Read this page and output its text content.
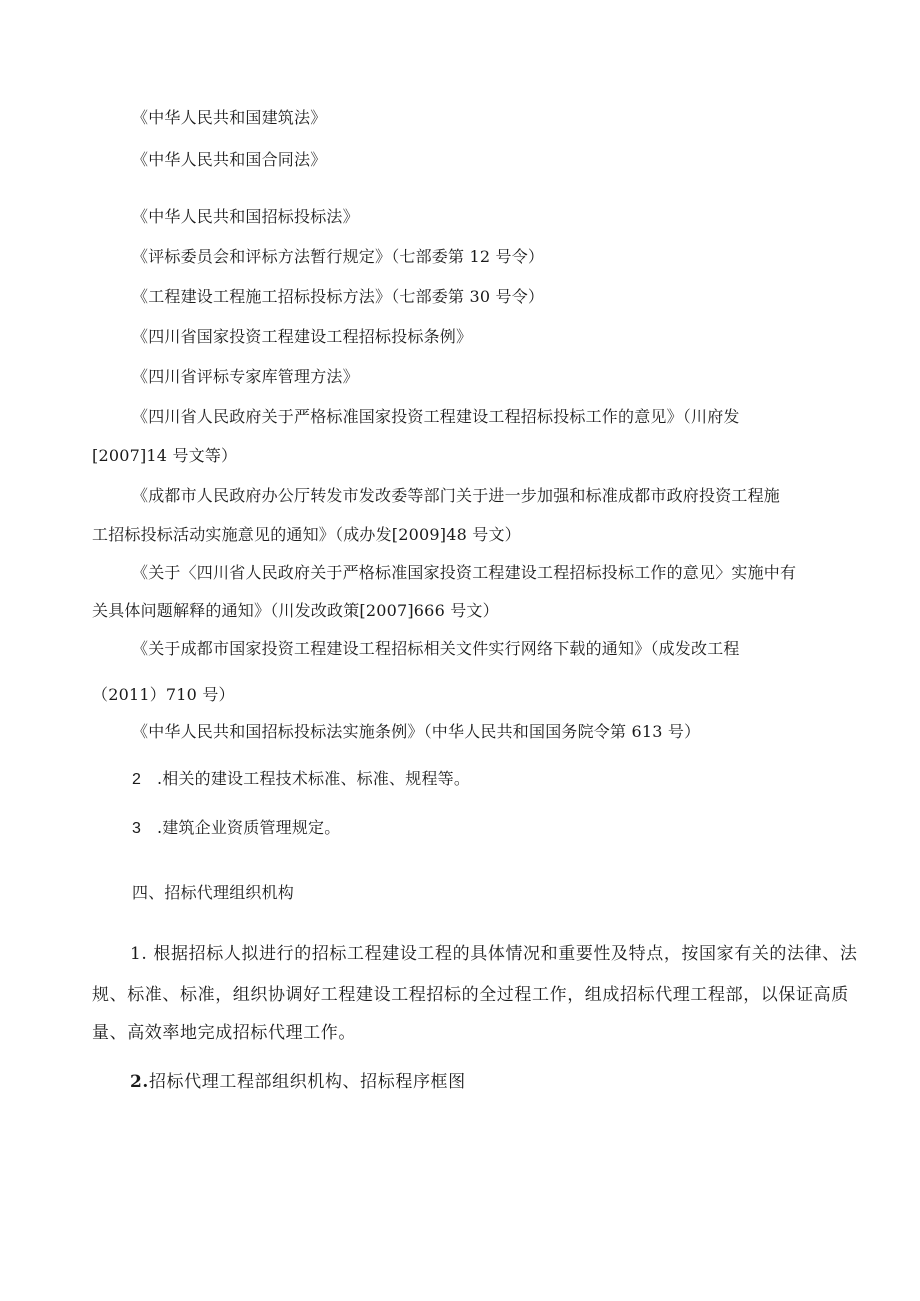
《中华人民共和国建筑法》

《中华人民共和国合同法》

《中华人民共和国招标投标法》

《评标委员会和评标方法暂行规定》（七部委第 12 号令）

《工程建设工程施工招标投标方法》（七部委第 30 号令）

《四川省国家投资工程建设工程招标投标条例》

《四川省评标专家库管理方法》

《四川省人民政府关于严格标准国家投资工程建设工程招标投标工作的意见》（川府发

[2007]14 号文等）

《成都市人民政府办公厅转发市发改委等部门关于进一步加强和标准成都市政府投资工程施

工招标投标活动实施意见的通知》（成办发[2009]48 号文）

《关于〈四川省人民政府关于严格标准国家投资工程建设工程招标投标工作的意见〉实施中有

关具体问题解释的通知》（川发改政策[2007]666 号文）

《关于成都市国家投资工程建设工程招标相关文件实行网络下载的通知》（成发改工程

（2011）710 号）

《中华人民共和国招标投标法实施条例》（中华人民共和国国务院令第 613 号）

2 .相关的建设工程技术标准、标准、规程等。

3 .建筑企业资质管理规定。

四、招标代理组织机构

1. 根据招标人拟进行的招标工程建设工程的具体情况和重要性及特点，按国家有关的法律、法

规、标准、标准，组织协调好工程建设工程招标的全过程工作，组成招标代理工程部，以保证高质

量、高效率地完成招标代理工作。

2.招标代理工程部组织机构、招标程序框图
